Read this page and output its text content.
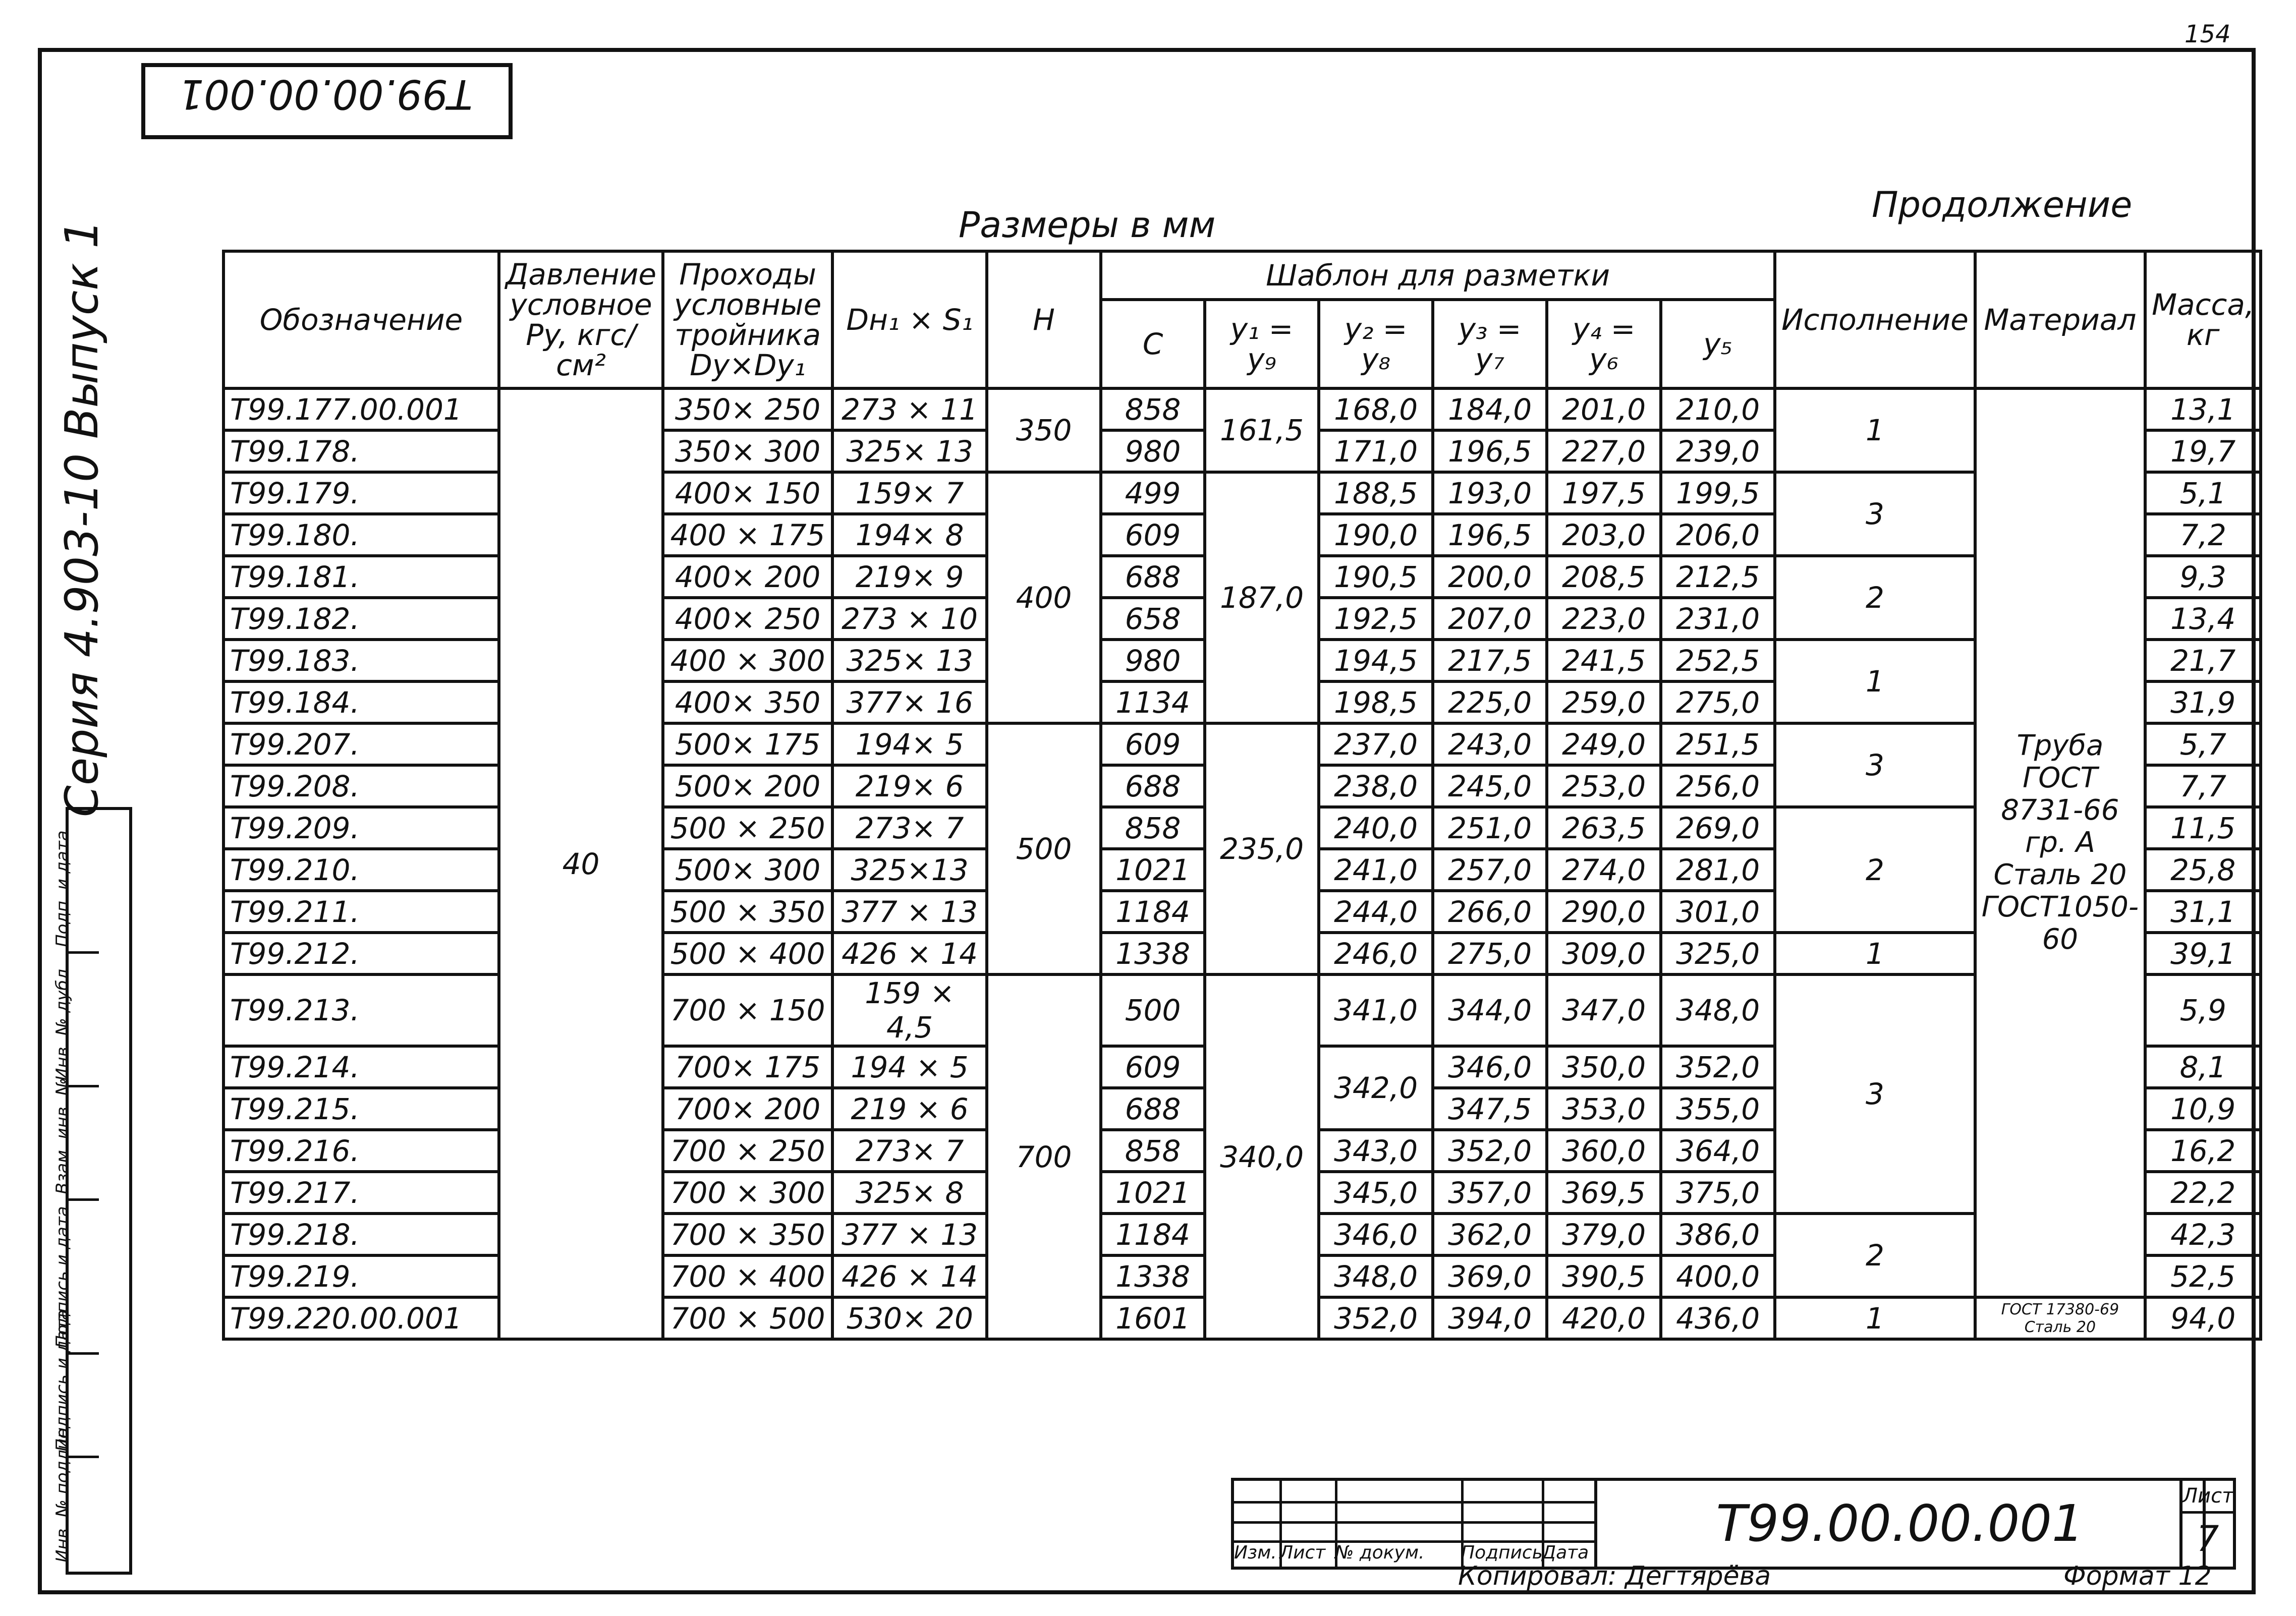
154
Т99.00.00.001
Размеры в мм	Продолжение
Серия 4.903-10 Выпуск 1
Подп. и дата
Инв. № дубл.
Взам. инв. №
Подпись и дата
Подпись и дата
Инв. № подлин.
Обозначение	Давление условное Py, кгс/см²	Проходы условные тройника Dy×Dy₁	Dн₁ × S₁	H	Шаблон для разметки						Исполнение	Материал	Масса, кг
					C	y₁ = y₉	y₂ = y₈	y₃ = y₇	y₄ = y₆	y₅			
Т99.177.00.001	40	350× 250	273 × 11	350	858	161,5	168,0	184,0	201,0	210,0	1	Труба ГОСТ 8731-66 гр. А Сталь 20 ГОСТ1050-60	13,1
Т99.178.		350× 300	325× 13		980		171,0	196,5	227,0	239,0			19,7
Т99.179.		400× 150	159× 7	400	499	187,0	188,5	193,0	197,5	199,5	3		5,1
Т99.180.		400 × 175	194× 8		609		190,0	196,5	203,0	206,0			7,2
Т99.181.		400× 200	219× 9		688		190,5	200,0	208,5	212,5	2		9,3
Т99.182.		400× 250	273 × 10		658		192,5	207,0	223,0	231,0			13,4
Т99.183.		400 × 300	325× 13		980		194,5	217,5	241,5	252,5	1		21,7
Т99.184.		400× 350	377× 16		1134		198,5	225,0	259,0	275,0			31,9
Т99.207.		500× 175	194× 5	500	609	235,0	237,0	243,0	249,0	251,5	3		5,7
Т99.208.		500× 200	219× 6		688		238,0	245,0	253,0	256,0			7,7
Т99.209.		500 × 250	273× 7		858		240,0	251,0	263,5	269,0	2		11,5
Т99.210.		500× 300	325×13		1021		241,0	257,0	274,0	281,0			25,8
Т99.211.		500 × 350	377 × 13		1184		244,0	266,0	290,0	301,0			31,1
Т99.212.		500 × 400	426 × 14		1338		246,0	275,0	309,0	325,0	1		39,1
Т99.213.		700 × 150	159 × 4,5	700	500	340,0	341,0	344,0	347,0	348,0	3		5,9
Т99.214.		700× 175	194 × 5		609		342,0	346,0	350,0	352,0			8,1
Т99.215.		700× 200	219 × 6		688			347,5	353,0	355,0			10,9
Т99.216.		700 × 250	273× 7		858		343,0	352,0	360,0	364,0			16,2
Т99.217.		700 × 300	325× 8		1021		345,0	357,0	369,5	375,0			22,2
Т99.218.		700 × 350	377 × 13		1184		346,0	362,0	379,0	386,0	2		42,3
Т99.219.		700 × 400	426 × 14		1338		348,0	369,0	390,5	400,0			52,5
Т99.220.00.001		700 × 500	530× 20		1601		352,0	394,0	420,0	436,0	1	ГОСТ 17380-69 Сталь 20	94,0
Изм. Лист № докум. ПодписьДата	Т99.00.00.001	Лист
7
Копировал: Дегтярёва	Формат 12
